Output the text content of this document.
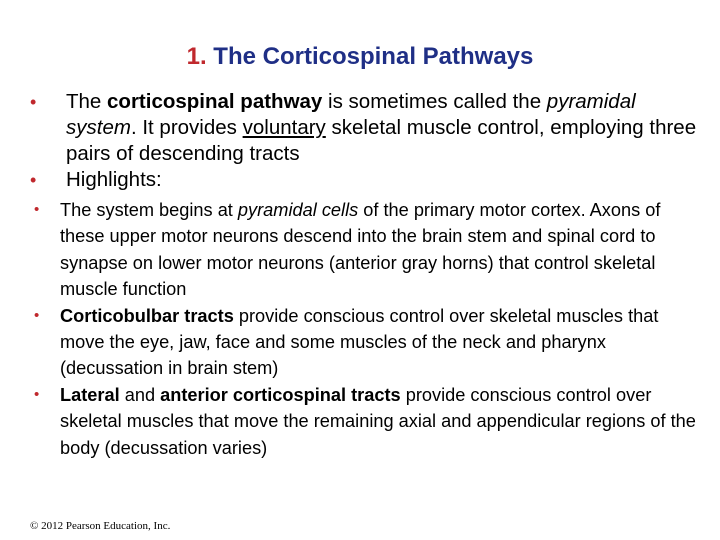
1. The Corticospinal Pathways
• The corticospinal pathway is sometimes called the pyramidal system. It provides voluntary skeletal muscle control, employing three pairs of descending tracts
• Highlights:
• The system begins at pyramidal cells of the primary motor cortex. Axons of these upper motor neurons descend into the brain stem and spinal cord to synapse on lower motor neurons (anterior gray horns) that control skeletal muscle function
• Corticobulbar tracts provide conscious control over skeletal muscles that move the eye, jaw, face and some muscles of the neck and pharynx (decussation in brain stem)
• Lateral and anterior corticospinal tracts provide conscious control over skeletal muscles that move the remaining axial and appendicular regions of the body (decussation varies)
© 2012 Pearson Education, Inc.
